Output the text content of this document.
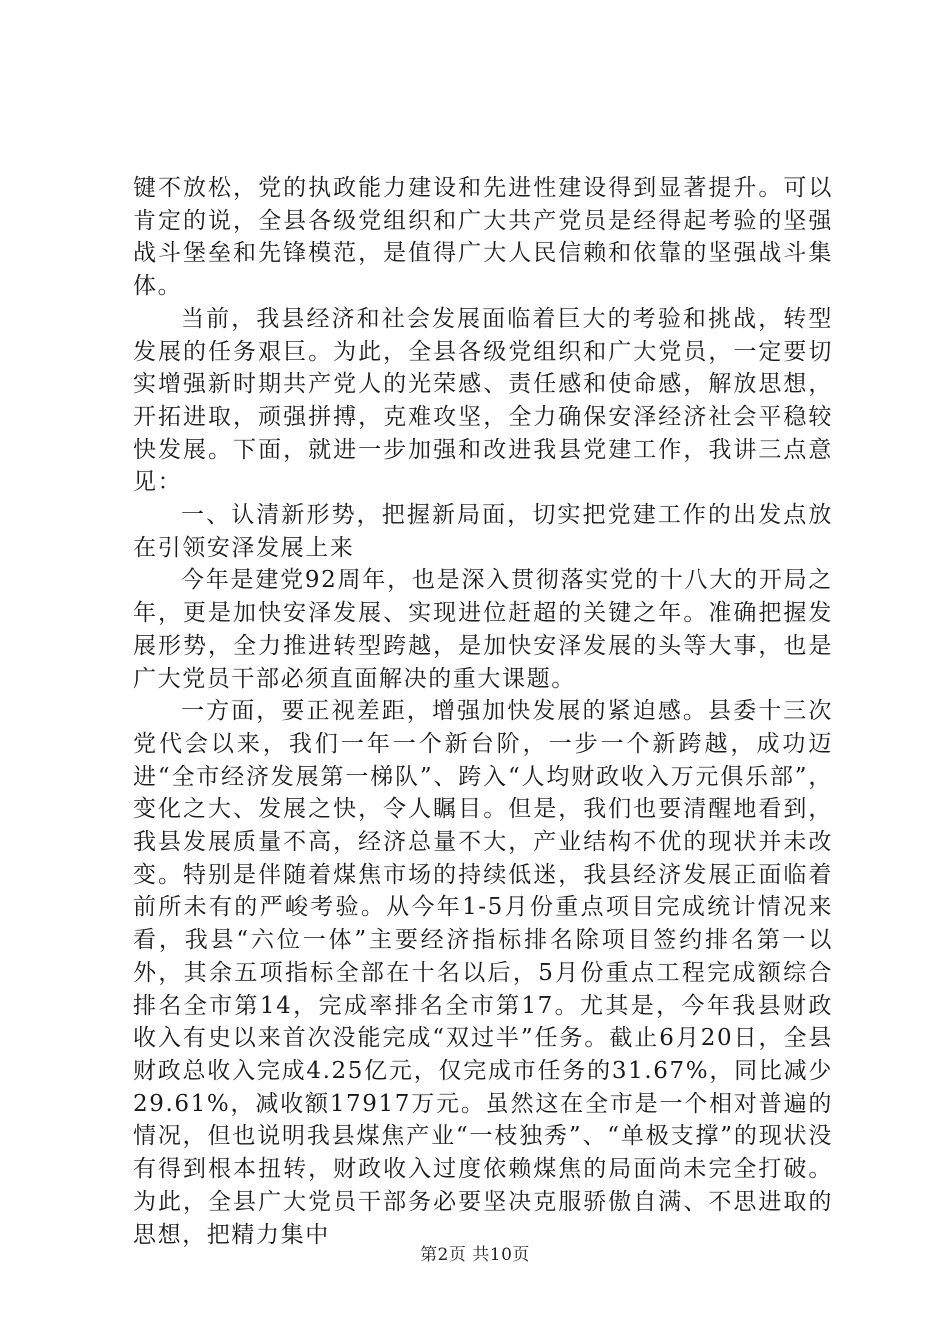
键不放松，党的执政能力建设和先进性建设得到显著提升。可以肯定的说，全县各级党组织和广大共产党员是经得起考验的坚强战斗堡垒和先锋模范，是值得广大人民信赖和依靠的坚强战斗集体。

当前，我县经济和社会发展面临着巨大的考验和挑战，转型发展的任务艰巨。为此，全县各级党组织和广大党员，一定要切实增强新时期共产党人的光荣感、责任感和使命感，解放思想，开拓进取，顽强拼搏，克难攻坚，全力确保安泽经济社会平稳较快发展。下面，就进一步加强和改进我县党建工作，我讲三点意见：

一、认清新形势，把握新局面，切实把党建工作的出发点放在引领安泽发展上来

今年是建党92周年，也是深入贯彻落实党的十八大的开局之年，更是加快安泽发展、实现进位赶超的关键之年。准确把握发展形势，全力推进转型跨越，是加快安泽发展的头等大事，也是广大党员干部必须直面解决的重大课题。

一方面，要正视差距，增强加快发展的紧迫感。县委十三次党代会以来，我们一年一个新台阶，一步一个新跨越，成功迈进“全市经济发展第一梯队”、跨入“人均财政收入万元俱乐部”，变化之大、发展之快，令人瞩目。但是，我们也要清醒地看到，我县发展质量不高，经济总量不大，产业结构不优的现状并未改变。特别是伴随着煤焦市场的持续低迷，我县经济发展正面临着前所未有的严峻考验。从今年1-5月份重点项目完成统计情况来看，我县“六位一体”主要经济指标排名除项目签约排名第一以外，其余五项指标全部在十名以后，5月份重点工程完成额综合排名全市第14，完成率排名全市第17。尤其是，今年我县财政收入有史以来首次没能完成“双过半”任务。截止6月20日，全县财政总收入完成4.25亿元，仅完成市任务的31.67%，同比减少29.61%，减收额17917万元。虽然这在全市是一个相对普遍的情况，但也说明我县煤焦产业“一枝独秀”、“单极支撑”的现状没有得到根本扭转，财政收入过度依赖煤焦的局面尚未完全打破。为此，全县广大党员干部务必要坚决克服骄傲自满、不思进取的思想，把精力集中

第2页 共10页
